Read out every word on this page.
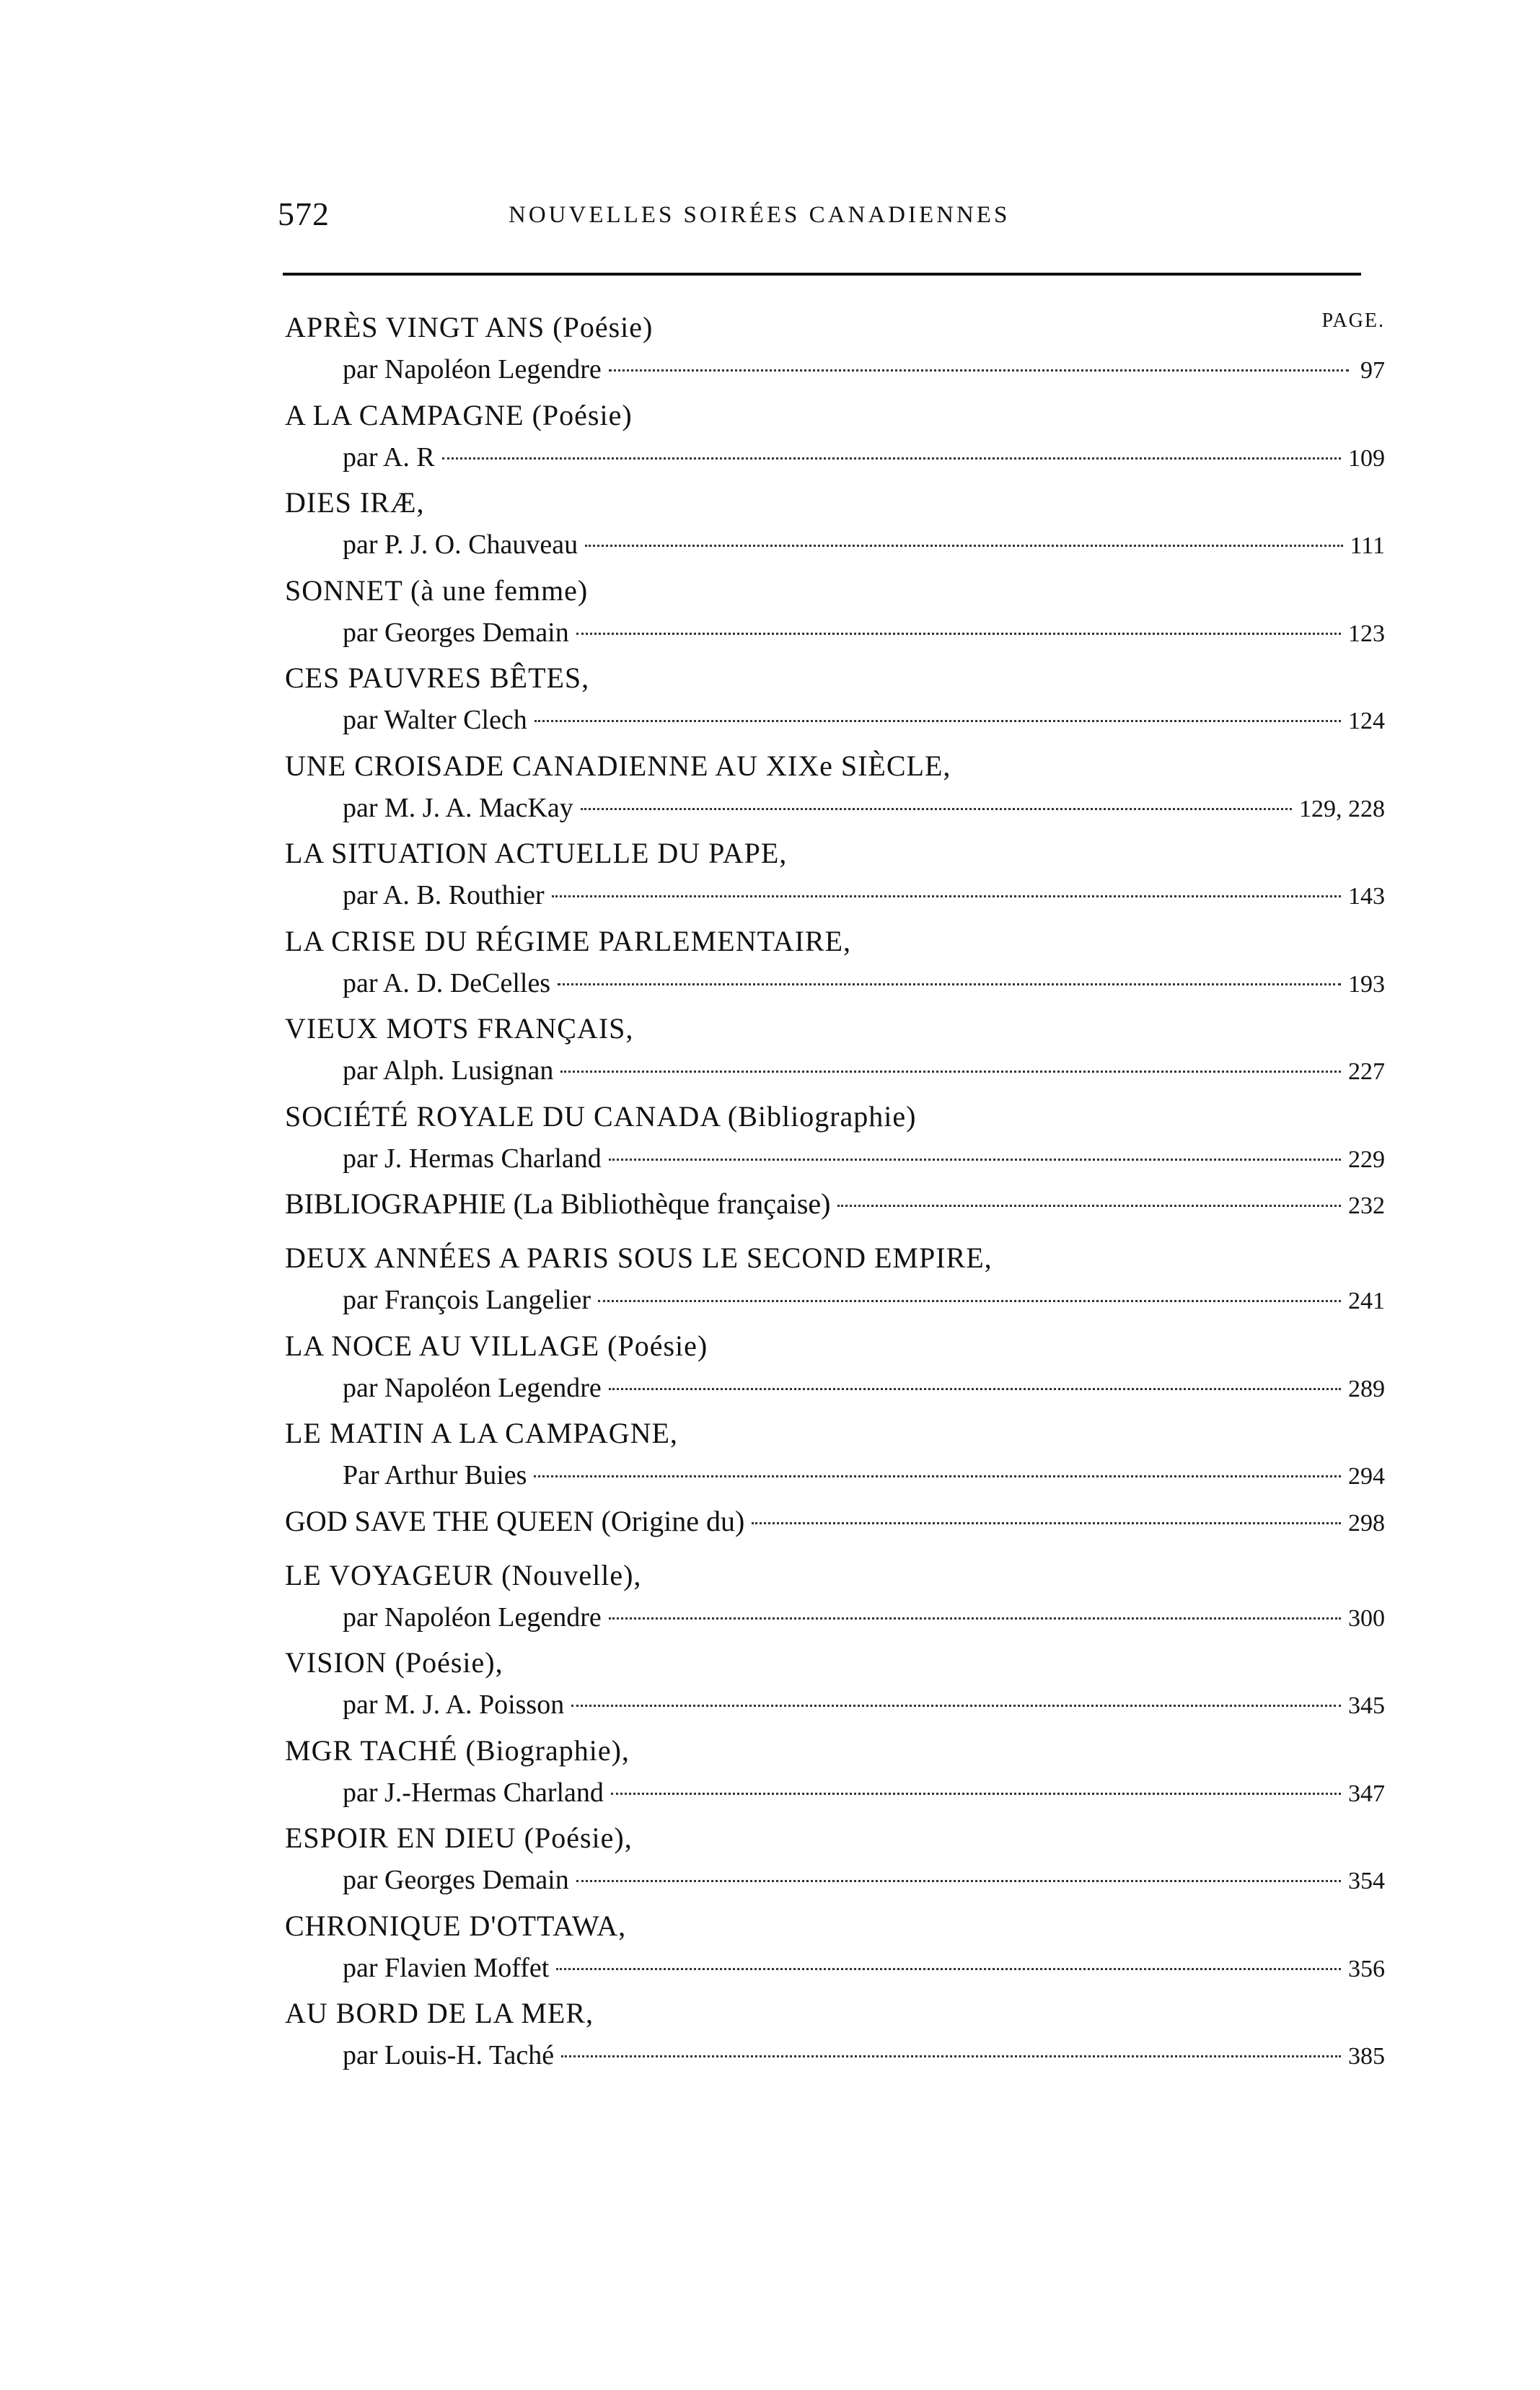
572	NOUVELLES SOIRÉES CANADIENNES
PAGE.
APRÈS VINGT ANS (Poésie)
par Napoléon Legendre	97
A LA CAMPAGNE (Poésie)
par A. R	109
DIES IRÆ,
par P. J. O. Chauveau	111
SONNET (à une femme)
par Georges Demain	123
CES PAUVRES BÊTES,
par Walter Clech	124
UNE CROISADE CANADIENNE AU XIXe SIÈCLE,
par M. J. A. MacKay	129, 228
LA SITUATION ACTUELLE DU PAPE,
par A. B. Routhier	143
LA CRISE DU RÉGIME PARLEMENTAIRE,
par A. D. DeCelles	193
VIEUX MOTS FRANÇAIS,
par Alph. Lusignan	227
SOCIÉTÉ ROYALE DU CANADA (Bibliographie)
par J. Hermas Charland	229
BIBLIOGRAPHIE (La Bibliothèque française)	232
DEUX ANNÉES A PARIS SOUS LE SECOND EMPIRE,
par François Langelier	241
LA NOCE AU VILLAGE (Poésie)
par Napoléon Legendre	289
LE MATIN A LA CAMPAGNE,
Par Arthur Buies	294
GOD SAVE THE QUEEN (Origine du)	298
LE VOYAGEUR (Nouvelle),
par Napoléon Legendre	300
VISION (Poésie),
par M. J. A. Poisson	345
MGR TACHÉ (Biographie),
par J.-Hermas Charland	347
ESPOIR EN DIEU (Poésie),
par Georges Demain	354
CHRONIQUE D'OTTAWA,
par Flavien Moffet	356
AU BORD DE LA MER,
par Louis-H. Taché	385
